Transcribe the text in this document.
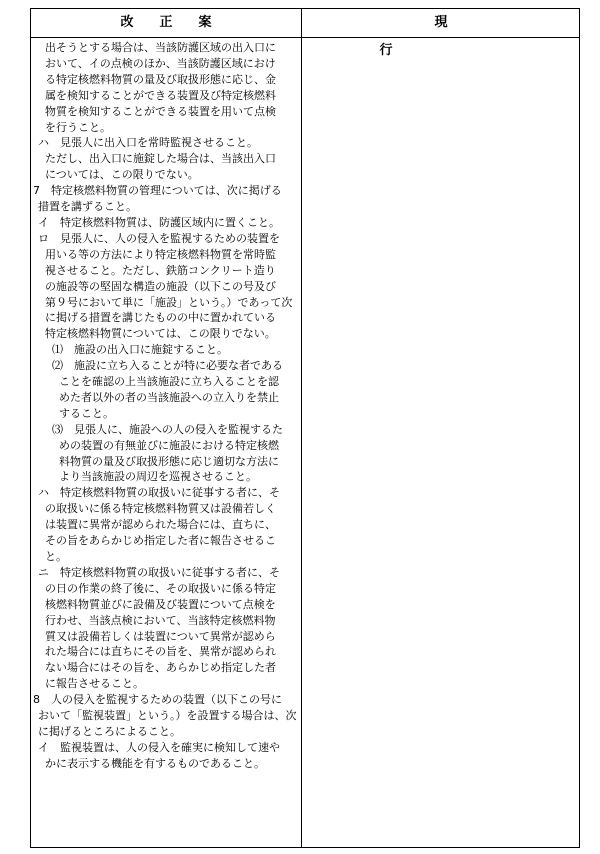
改正案	現行
出そうとする場合は、当該防護区域の出入口に
おいて、イの点検のほか、当該防護区域におけ
る特定核燃料物質の量及び取扱形態に応じ、金
属を検知することができる装置及び特定核燃料
物質を検知することができる装置を用いて点検
を行うこと。
ハ　見張人に出入口を常時監視させること。
ただし、出入口に施錠した場合は、当該出入口
については、この限りでない。
7　特定核燃料物質の管理については、次に掲げる
措置を講ずること。
イ　特定核燃料物質は、防護区域内に置くこと。
ロ　見張人に、人の侵入を監視するための装置を
用いる等の方法により特定核燃料物質を常時監
視させること。ただし、鉄筋コンクリート造り
の施設等の堅固な構造の施設（以下この号及び
第９号において単に「施設」という。）であって次
に掲げる措置を講じたものの中に置かれている
特定核燃料物質については、この限りでない。
⑴　施設の出入口に施錠すること。
⑵　施設に立ち入ることが特に必要な者である
ことを確認の上当該施設に立ち入ることを認
めた者以外の者の当該施設への立入りを禁止
すること。
⑶　見張人に、施設への人の侵入を監視するた
めの装置の有無並びに施設における特定核燃
料物質の量及び取扱形態に応じ適切な方法に
より当該施設の周辺を巡視させること。
ハ　特定核燃料物質の取扱いに従事する者に、そ
の取扱いに係る特定核燃料物質又は設備若しく
は装置に異常が認められた場合には、直ちに、
その旨をあらかじめ指定した者に報告させるこ
と。
ニ　特定核燃料物質の取扱いに従事する者に、そ
の日の作業の終了後に、その取扱いに係る特定
核燃料物質並びに設備及び装置について点検を
行わせ、当該点検において、当該特定核燃料物
質又は設備若しくは装置について異常が認めら
れた場合には直ちにその旨を、異常が認められ
ない場合にはその旨を、あらかじめ指定した者
に報告させること。
8　人の侵入を監視するための装置（以下この号に
おいて「監視装置」という。）を設置する場合は、次
に掲げるところによること。
イ　監視装置は、人の侵入を確実に検知して速や
かに表示する機能を有するものであること。
